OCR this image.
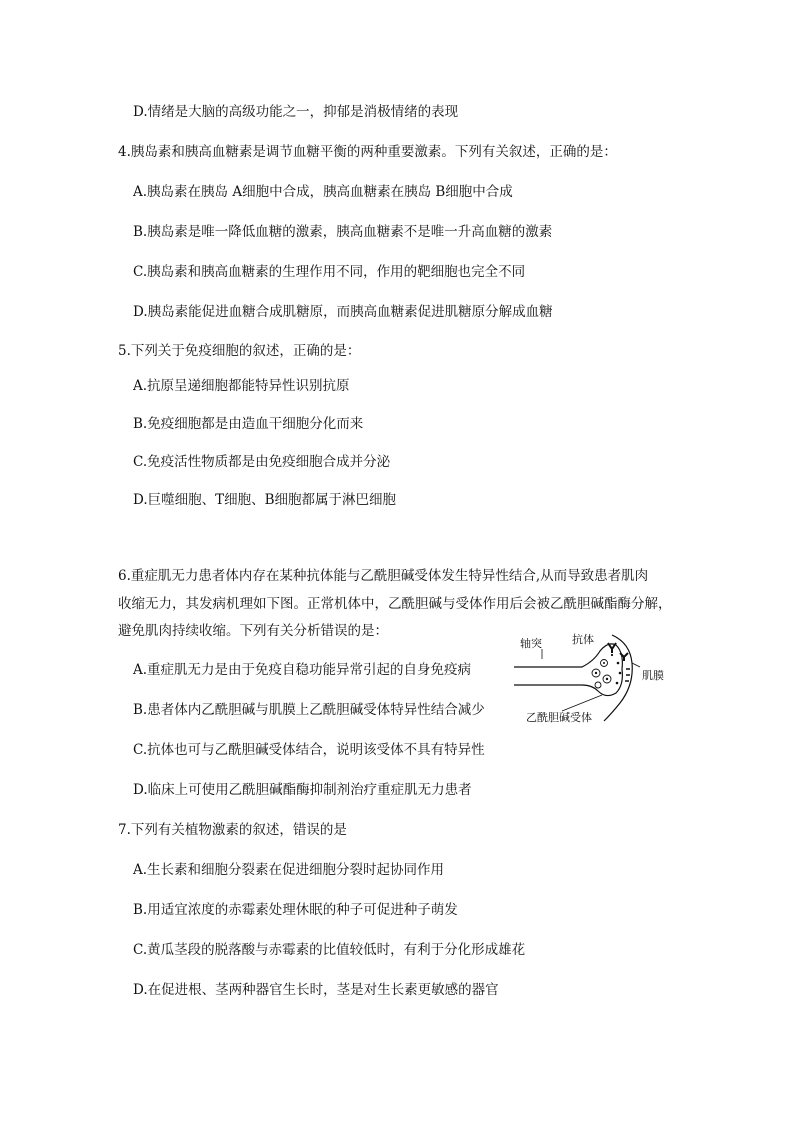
D.情绪是大脑的高级功能之一，抑郁是消极情绪的表现
4.胰岛素和胰高血糖素是调节血糖平衡的两种重要激素。下列有关叙述，正确的是：
A.胰岛素在胰岛 A细胞中合成，胰高血糖素在胰岛 B细胞中合成
B.胰岛素是唯一降低血糖的激素，胰高血糖素不是唯一升高血糖的激素
C.胰岛素和胰高血糖素的生理作用不同，作用的靶细胞也完全不同
D.胰岛素能促进血糖合成肌糖原，而胰高血糖素促进肌糖原分解成血糖
5.下列关于免疫细胞的叙述，正确的是：
A.抗原呈递细胞都能特异性识别抗原
B.免疫细胞都是由造血干细胞分化而来
C.免疫活性物质都是由免疫细胞合成并分泌
D.巨噬细胞、T细胞、B细胞都属于淋巴细胞
6.重症肌无力患者体内存在某种抗体能与乙酰胆碱受体发生特异性结合,从而导致患者肌肉
收缩无力，其发病机理如下图。正常机体中，乙酰胆碱与受体作用后会被乙酰胆碱酯酶分解，
避免肌肉持续收缩。下列有关分析错误的是：
A.重症肌无力是由于免疫自稳功能异常引起的自身免疫病
B.患者体内乙酰胆碱与肌膜上乙酰胆碱受体特异性结合减少
C.抗体也可与乙酰胆碱受体结合，说明该受体不具有特异性
D.临床上可使用乙酰胆碱酯酶抑制剂治疗重症肌无力患者
轴突	抗体
肌膜
乙酰胆碱受体
7.下列有关植物激素的叙述，错误的是
A.生长素和细胞分裂素在促进细胞分裂时起协同作用
B.用适宜浓度的赤霉素处理休眠的种子可促进种子萌发
C.黄瓜茎段的脱落酸与赤霉素的比值较低时，有利于分化形成雄花
D.在促进根、茎两种器官生长时，茎是对生长素更敏感的器官
